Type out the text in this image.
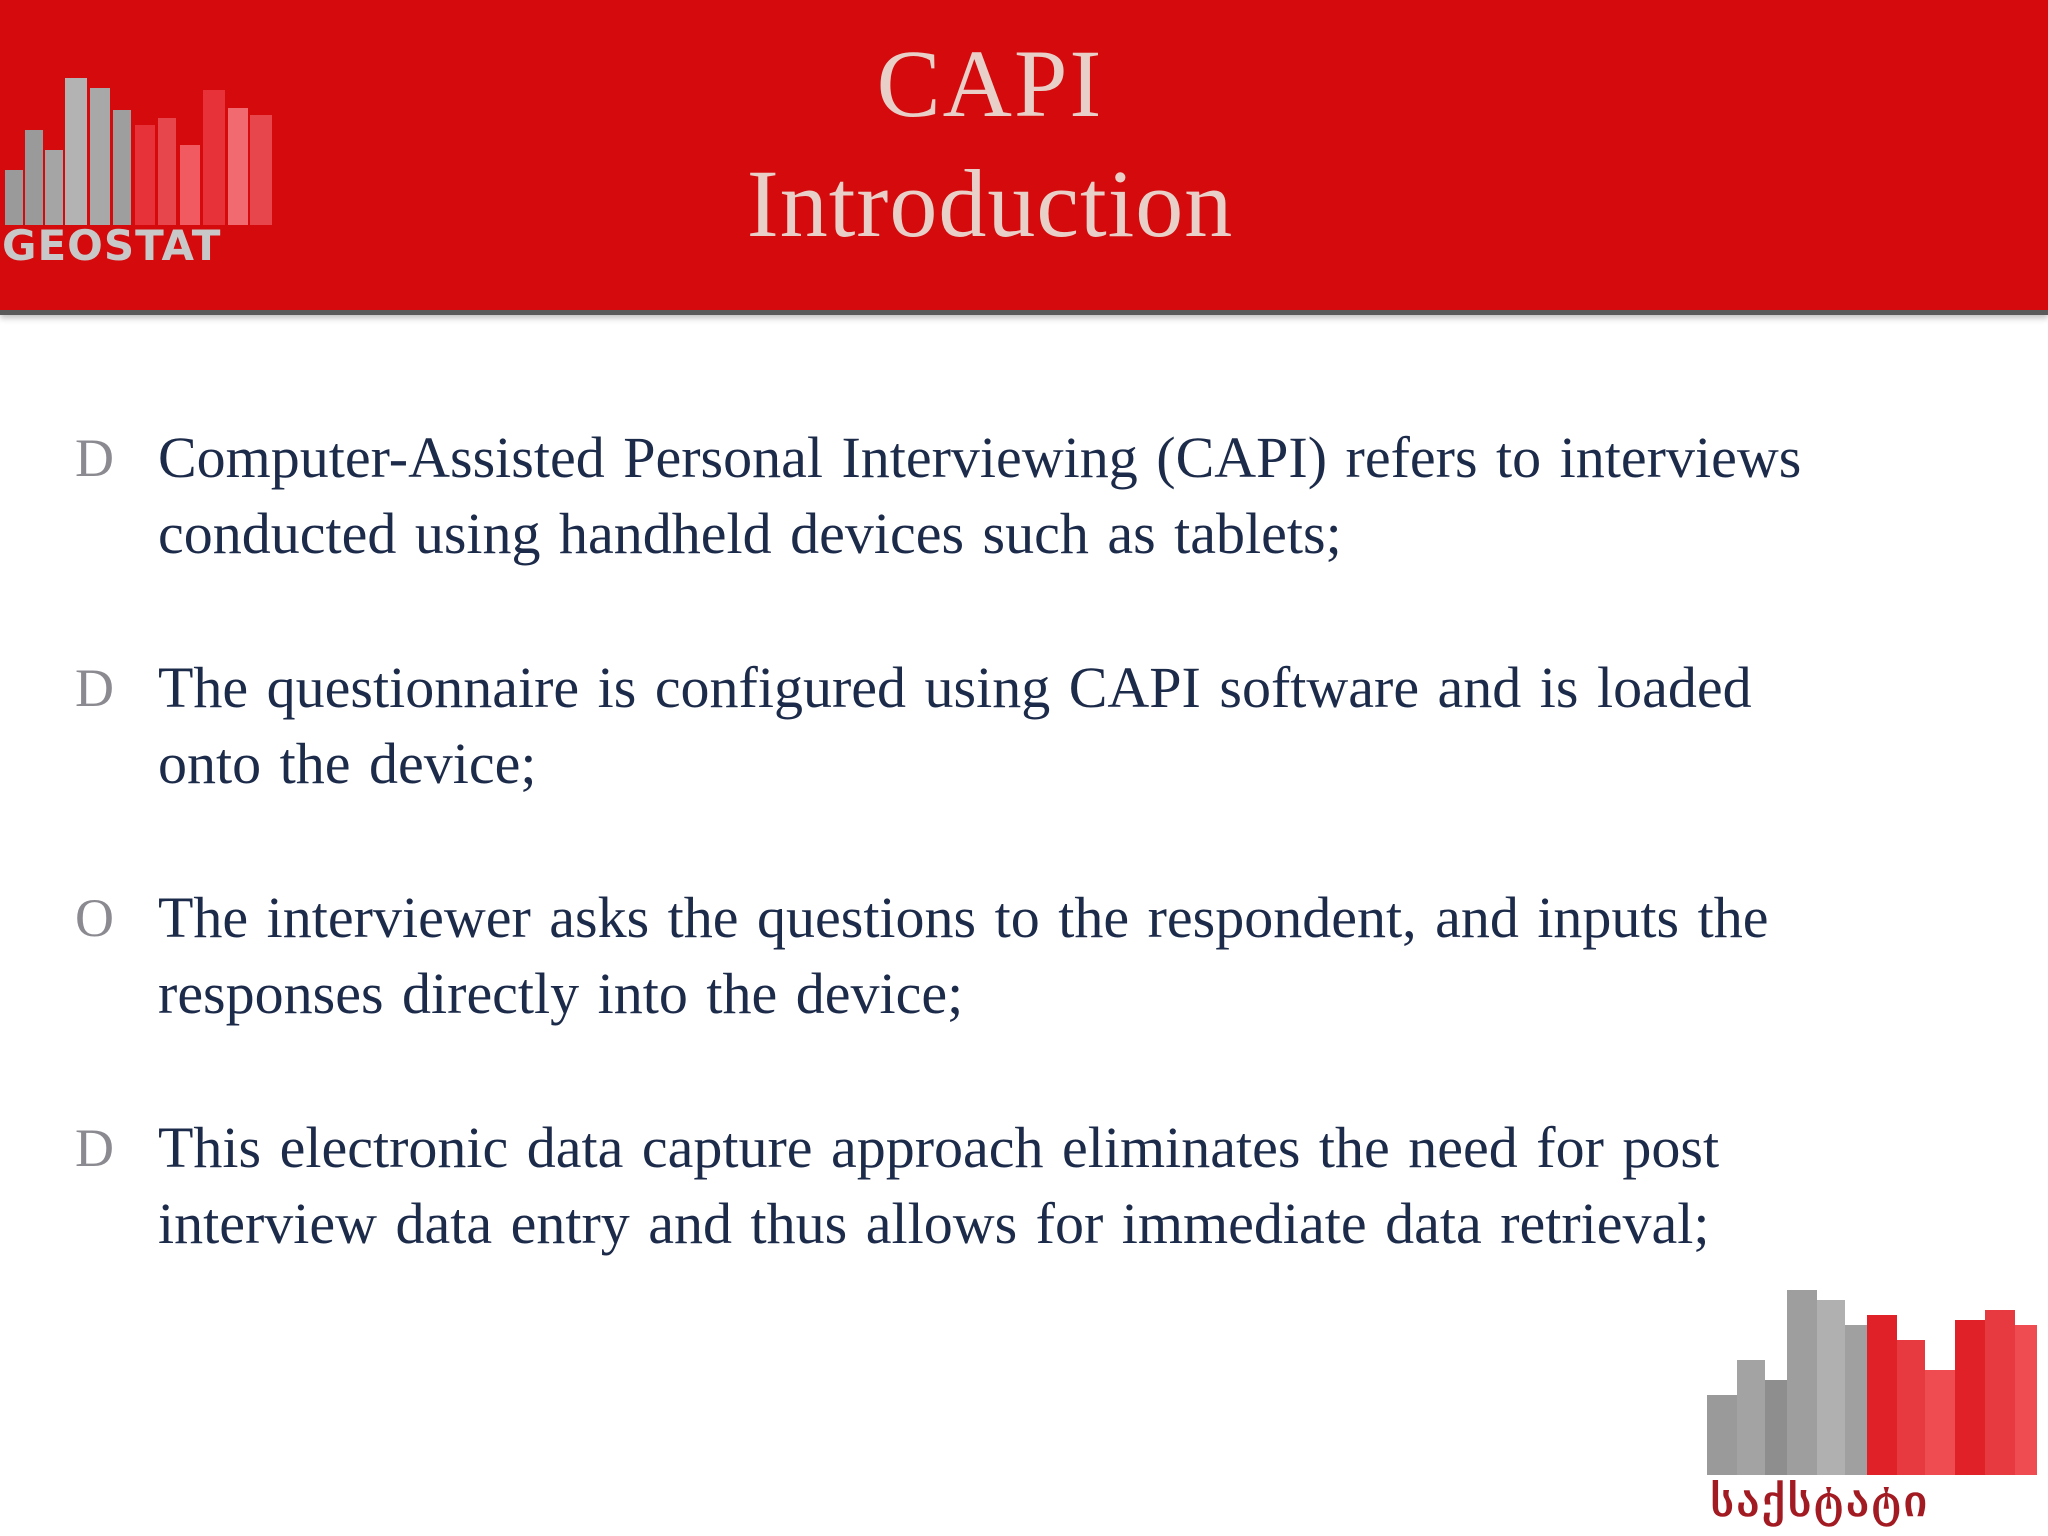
GEOSTAT
CAPI
Introduction
D Computer-Assisted Personal Interviewing (CAPI) refers to interviews
conducted using handheld devices such as tablets;
D The questionnaire is configured using CAPI software and is loaded
onto the device;
O The interviewer asks the questions to the respondent, and inputs the
responses directly into the device;
D This electronic data capture approach eliminates the need for post
interview data entry and thus allows for immediate data retrieval;
საქსტატი
